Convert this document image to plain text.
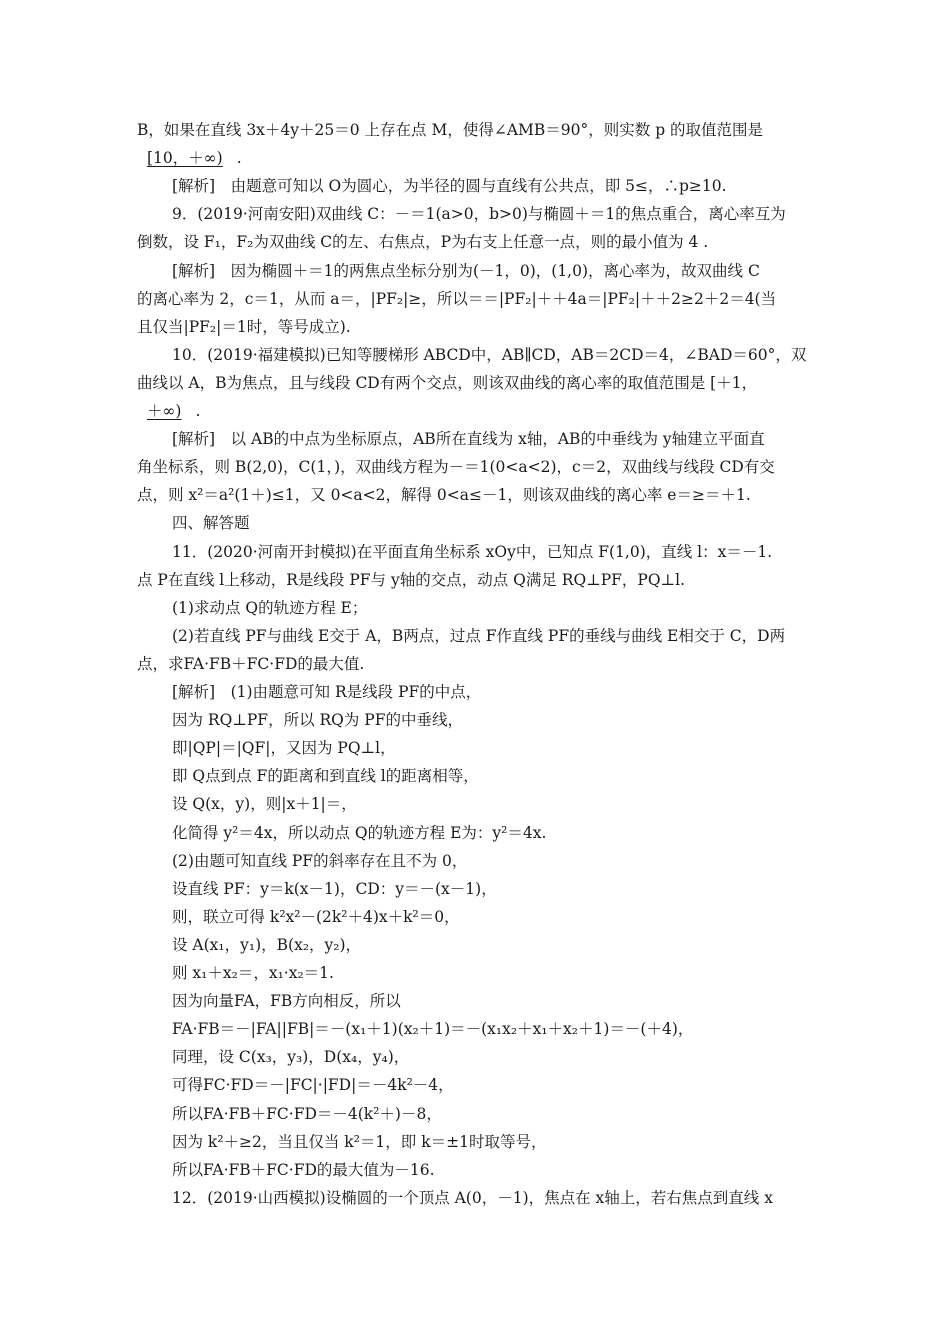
B，如果在直线 3x＋4y＋25＝0 上存在点 M，使得∠AMB＝90°，则实数 p 的取值范围是
[10，＋∞) .
[解析]　由题意可知以 O为圆心，为半径的圆与直线有公共点，即 5≤，∴p≥10.
9．(2019·河南安阳)双曲线 C：－＝1(a>0，b>0)与椭圆＋＝1的焦点重合，离心率互为
倒数，设 F₁，F₂为双曲线 C的左、右焦点，P为右支上任意一点，则的最小值为 4 .
[解析]　因为椭圆＋＝1的两焦点坐标分别为(－1，0)，(1,0)，离心率为，故双曲线 C
的离心率为 2，c＝1，从而 a＝，|PF₂|≥，所以＝＝|PF₂|＋＋4a＝|PF₂|＋＋2≥2＋2＝4(当
且仅当|PF₂|＝1时，等号成立).
10．(2019·福建模拟)已知等腰梯形 ABCD中，AB∥CD，AB＝2CD＝4，∠BAD＝60°，双
曲线以 A，B为焦点，且与线段 CD有两个交点，则该双曲线的离心率的取值范围是 [＋1，
＋∞) .
[解析]　以 AB的中点为坐标原点，AB所在直线为 x轴，AB的中垂线为 y轴建立平面直
角坐标系，则 B(2,0)，C(1，)，双曲线方程为－＝1(0<a<2)，c＝2，双曲线与线段 CD有交
点，则 x²＝a²(1＋)≤1，又 0<a<2，解得 0<a≤－1，则该双曲线的离心率 e＝≥＝＋1.
四、解答题
11．(2020·河南开封模拟)在平面直角坐标系 xOy中，已知点 F(1,0)，直线 l：x＝－1.
点 P在直线 l上移动，R是线段 PF与 y轴的交点，动点 Q满足 RQ⊥PF，PQ⊥l.
(1)求动点 Q的轨迹方程 E；
(2)若直线 PF与曲线 E交于 A，B两点，过点 F作直线 PF的垂线与曲线 E相交于 C，D两
点，求FA·FB＋FC·FD的最大值.
[解析]　(1)由题意可知 R是线段 PF的中点，
因为 RQ⊥PF，所以 RQ为 PF的中垂线，
即|QP|＝|QF|，又因为 PQ⊥l，
即 Q点到点 F的距离和到直线 l的距离相等，
设 Q(x，y)，则|x＋1|＝，
化简得 y²＝4x，所以动点 Q的轨迹方程 E为：y²＝4x.
(2)由题可知直线 PF的斜率存在且不为 0，
设直线 PF：y＝k(x－1)，CD：y＝－(x－1)，
则，联立可得 k²x²－(2k²＋4)x＋k²＝0，
设 A(x₁，y₁)，B(x₂，y₂)，
则 x₁＋x₂＝，x₁·x₂＝1.
因为向量FA，FB方向相反，所以
FA·FB＝－|FA||FB|＝－(x₁＋1)(x₂＋1)＝－(x₁x₂＋x₁＋x₂＋1)＝－(＋4)，
同理，设 C(x₃，y₃)，D(x₄，y₄)，
可得FC·FD＝－|FC|·|FD|＝－4k²－4，
所以FA·FB＋FC·FD＝－4(k²＋)－8，
因为 k²＋≥2，当且仅当 k²＝1，即 k＝±1时取等号，
所以FA·FB＋FC·FD的最大值为－16.
12．(2019·山西模拟)设椭圆的一个顶点 A(0，－1)，焦点在 x轴上，若右焦点到直线 x
